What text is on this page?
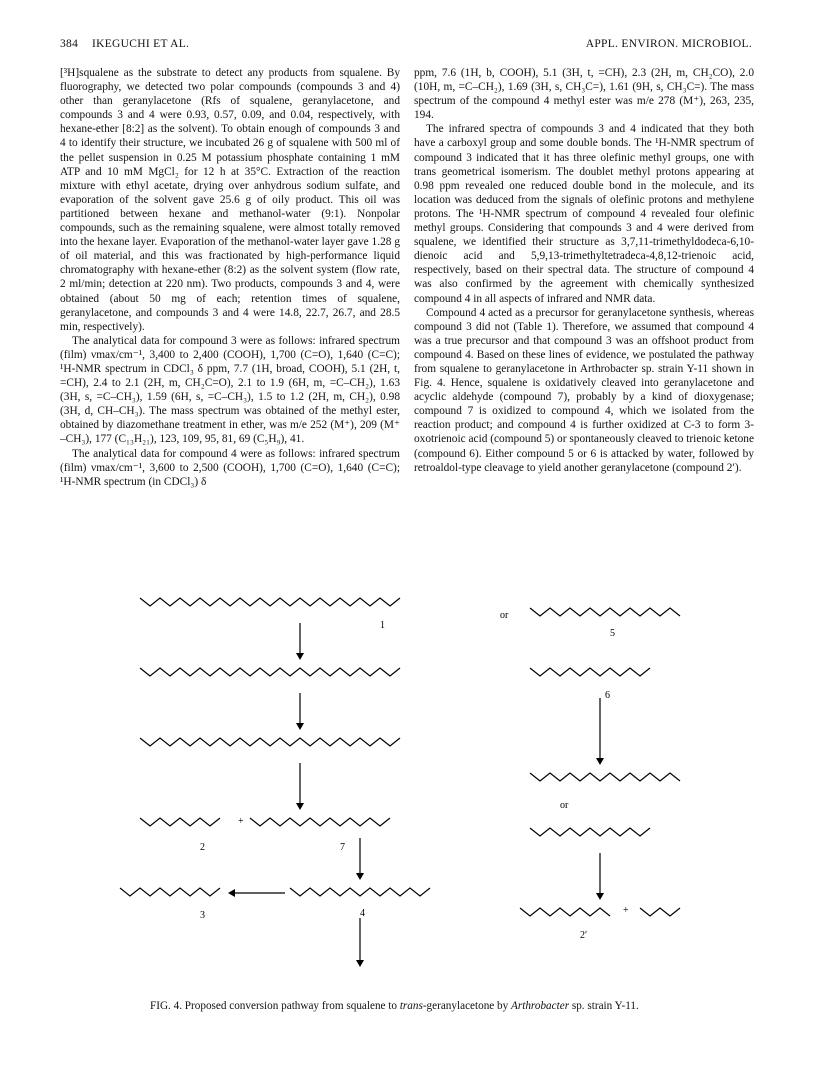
384 IKEGUCHI ET AL.	APPL. ENVIRON. MICROBIOL.

[³H]squalene as the substrate to detect any products from squalene. By fluorography, we detected two polar compounds (compounds 3 and 4) other than geranylacetone (Rfs of squalene, geranylacetone, and compounds 3 and 4 were 0.93, 0.57, 0.09, and 0.04, respectively, with hexane-ether [8:2] as the solvent). To obtain enough of compounds 3 and 4 to identify their structure, we incubated 26 g of squalene with 500 ml of the pellet suspension in 0.25 M potassium phosphate containing 1 mM ATP and 10 mM MgCl₂ for 12 h at 35°C. Extraction of the reaction mixture with ethyl acetate, drying over anhydrous sodium sulfate, and evaporation of the solvent gave 25.6 g of oily product. This oil was partitioned between hexane and methanol-water (9:1). Nonpolar compounds, such as the remaining squalene, were almost totally removed into the hexane layer. Evaporation of the methanol-water layer gave 1.28 g of oil material, and this was fractionated by high-performance liquid chromatography with hexane-ether (8:2) as the solvent system (flow rate, 2 ml/min; detection at 220 nm). Two products, compounds 3 and 4, were obtained (about 50 mg of each; retention times of squalene, geranylacetone, and compounds 3 and 4 were 14.8, 22.7, 26.7, and 28.5 min, respectively).

The analytical data for compound 3 were as follows: infrared spectrum (film) νmax/cm⁻¹, 3,400 to 2,400 (COOH), 1,700 (C=O), 1,640 (C=C); ¹H-NMR spectrum in CDCl₃ δ ppm, 7.7 (1H, broad, COOH), 5.1 (2H, t, =CH), 2.4 to 2.1 (2H, m, CH₂C=O), 2.1 to 1.9 (6H, m, =C–CH₂), 1.63 (3H, s, =C–CH₃), 1.59 (6H, s, =C–CH₃), 1.5 to 1.2 (2H, m, CH₂), 0.98 (3H, d, CH–CH₃). The mass spectrum was obtained of the methyl ester, obtained by diazomethane treatment in ether, was m/e 252 (M⁺), 209 (M⁺ –CH₃), 177 (C₁₃H₂₁), 123, 109, 95, 81, 69 (C₅H₉), 41.

The analytical data for compound 4 were as follows: infrared spectrum (film) νmax/cm⁻¹, 3,600 to 2,500 (COOH), 1,700 (C=O), 1,640 (C=C); ¹H-NMR spectrum (in CDCl₃) δ

ppm, 7.6 (1H, b, COOH), 5.1 (3H, t, =CH), 2.3 (2H, m, CH₂CO), 2.0 (10H, m, =C–CH₂), 1.69 (3H, s, CH₃C=), 1.61 (9H, s, CH₃C=). The mass spectrum of the compound 4 methyl ester was m/e 278 (M⁺), 263, 235, 194.

The infrared spectra of compounds 3 and 4 indicated that they both have a carboxyl group and some double bonds. The ¹H-NMR spectrum of compound 3 indicated that it has three olefinic methyl groups, one with trans geometrical isomerism. The doublet methyl protons appearing at 0.98 ppm revealed one reduced double bond in the molecule, and its location was deduced from the signals of olefinic protons and methylene protons. The ¹H-NMR spectrum of compound 4 revealed four olefinic methyl groups. Considering that compounds 3 and 4 were derived from squalene, we identified their structure as 3,7,11-trimethyldodeca-6,10-dienoic acid and 5,9,13-trimethyltetradeca-4,8,12-trienoic acid, respectively, based on their spectral data. The structure of compound 4 was also confirmed by the agreement with chemically synthesized compound 4 in all aspects of infrared and NMR data.

Compound 4 acted as a precursor for geranylacetone synthesis, whereas compound 3 did not (Table 1). Therefore, we assumed that compound 4 was a true precursor and that compound 3 was an offshoot product from compound 4. Based on these lines of evidence, we postulated the pathway from squalene to geranylacetone in Arthrobacter sp. strain Y-11 shown in Fig. 4. Hence, squalene is oxidatively cleaved into geranylacetone and acyclic aldehyde (compound 7), probably by a kind of dioxygenase; compound 7 is oxidized to compound 4, which we isolated from the reaction product; and compound 4 is further oxidized at C-3 to form 3-oxotrienoic acid (compound 5) or spontaneously cleaved to trienoic ketone (compound 6). Either compound 5 or 6 is attacked by water, followed by retroaldol-type cleavage to yield another geranylacetone (compound 2′).

1
2
+
7
3	4
or
5
6
or
2′
+
FIG. 4. Proposed conversion pathway from squalene to trans-geranylacetone by Arthrobacter sp. strain Y-11.
